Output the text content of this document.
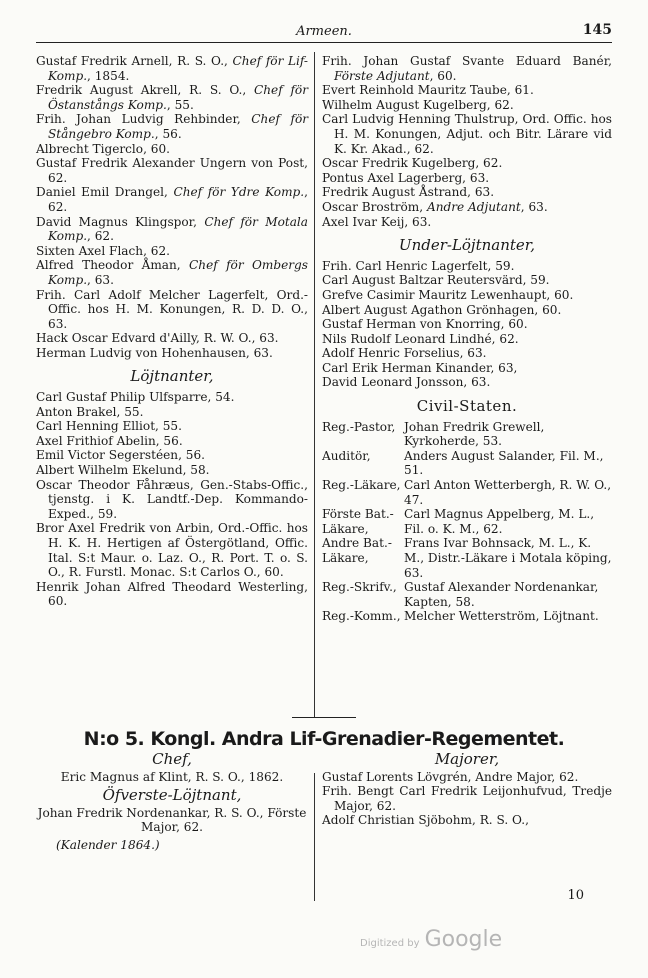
Armeen.	145

Gustaf Fredrik Arnell, R. S. O., Chef för Lif-Komp., 1854.

Fredrik August Akrell, R. S. O., Chef för Östanstångs Komp., 55.

Frih. Johan Ludvig Rehbinder, Chef för Stångebro Komp., 56.

Albrecht Tigerclo, 60.

Gustaf Fredrik Alexander Ungern von Post, 62.

Daniel Emil Drangel, Chef för Ydre Komp., 62.

David Magnus Klingspor, Chef för Motala Komp., 62.

Sixten Axel Flach, 62.

Alfred Theodor Åman, Chef för Ombergs Komp., 63.

Frih. Carl Adolf Melcher Lagerfelt, Ord.-Offic. hos H. M. Konungen, R. D. D. O., 63.

Hack Oscar Edvard d'Ailly, R. W. O., 63.

Herman Ludvig von Hohenhausen, 63.

Löjtnanter,

Carl Gustaf Philip Ulfsparre, 54.

Anton Brakel, 55.

Carl Henning Elliot, 55.

Axel Frithiof Abelin, 56.

Emil Victor Segerstéen, 56.

Albert Wilhelm Ekelund, 58.

Oscar Theodor Fåhræus, Gen.-Stabs-Offic., tjenstg. i K. Landtf.-Dep. Kommando-Exped., 59.

Bror Axel Fredrik von Arbin, Ord.-Offic. hos H. K. H. Hertigen af Östergötland, Offic. Ital. S:t Maur. o. Laz. O., R. Port. T. o. S. O., R. Furstl. Monac. S:t Carlos O., 60.

Henrik Johan Alfred Theodard Westerling, 60.

Frih. Johan Gustaf Svante Eduard Banér, Förste Adjutant, 60.

Evert Reinhold Mauritz Taube, 61.

Wilhelm August Kugelberg, 62.

Carl Ludvig Henning Thulstrup, Ord. Offic. hos H. M. Konungen, Adjut. och Bitr. Lärare vid K. Kr. Akad., 62.

Oscar Fredrik Kugelberg, 62.

Pontus Axel Lagerberg, 63.

Fredrik August Åstrand, 63.

Oscar Broström, Andre Adjutant, 63.

Axel Ivar Keij, 63.

Under-Löjtnanter,

Frih. Carl Henric Lagerfelt, 59.

Carl August Baltzar Reutersvärd, 59.

Grefve Casimir Mauritz Lewenhaupt, 60.

Albert August Agathon Grönhagen, 60.

Gustaf Herman von Knorring, 60.

Nils Rudolf Leonard Lindhé, 62.

Adolf Henric Forselius, 63.

Carl Erik Herman Kinander, 63,

David Leonard Jonsson, 63.

Civil-Staten.
Reg.-Pastor, Johan Fredrik Grewell, Kyrkoherde, 53.
Auditör,	Anders August Salander, Fil. M., 51.
Reg.-Läkare, Carl Anton Wetterbergh, R. W. O., 47.
Förste Bat.-Läkare,
Carl Magnus Appelberg, M. L., Fil. o. K. M., 62.
Andre Bat.-Läkare,
Frans Ivar Bohnsack, M. L., K. M., Distr.-Läkare i Motala köping, 63.
Reg.-Skrifv., Gustaf Alexander Nordenankar, Kapten, 58.
Reg.-Komm., Melcher Wetterström, Löjtnant.
N:o 5. Kongl. Andra Lif-Grenadier-Regementet.
Chef,
Eric Magnus af Klint, R. S. O., 1862.
Öfverste-Löjtnant,
Johan Fredrik Nordenankar, R. S. O., Förste Major, 62.
(Kalender 1864.)
Majorer,

Gustaf Lorents Lövgrén, Andre Major, 62.

Frih. Bengt Carl Fredrik Leijonhufvud, Tredje Major, 62.

Adolf Christian Sjöbohm, R. S. O.,

10
Digitized by Google
